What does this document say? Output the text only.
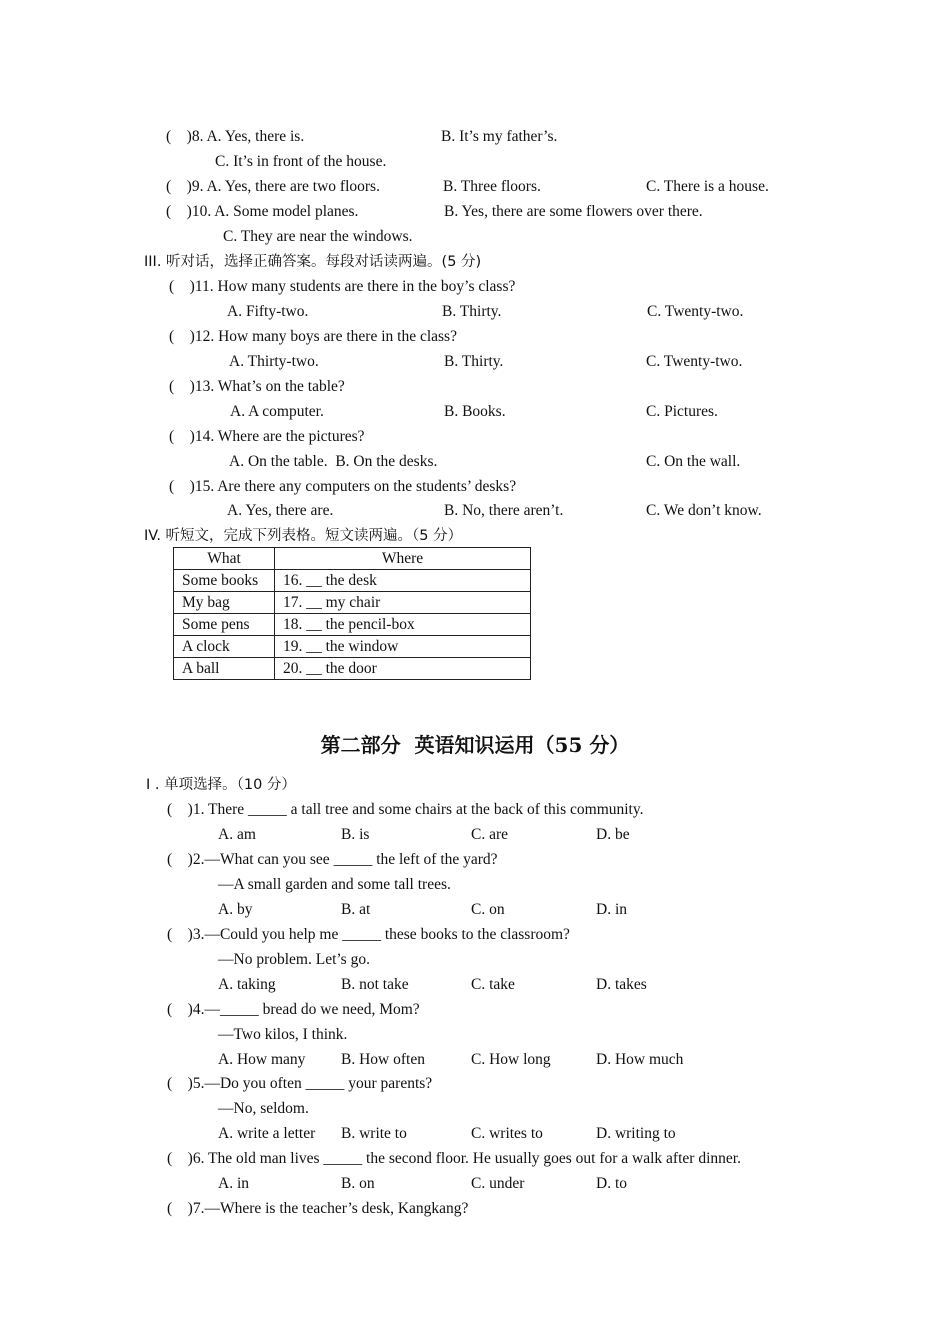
(    )8. A. Yes, there is.	B. It’s my father’s.
C. It’s in front of the house.
(    )9. A. Yes, there are two floors.	B. Three floors.	C. There is a house.
(    )10. A. Some model planes.	B. Yes, there are some flowers over there.
C. They are near the windows.
III. 听对话，选择正确答案。每段对话读两遍。(5 分)
(    )11. How many students are there in the boy’s class?
A. Fifty-two.	B. Thirty.	C. Twenty-two.
(    )12. How many boys are there in the class?
A. Thirty-two.	B. Thirty.	C. Twenty-two.
(    )13. What’s on the table?
A. A computer.	B. Books.	C. Pictures.
(    )14. Where are the pictures?
A. On the table.  B. On the desks.	C. On the wall.
(    )15. Are there any computers on the students’ desks?
A. Yes, there are.	B. No, there aren’t.	C. We don’t know.
IV. 听短文，完成下列表格。短文读两遍。（5 分）
What	Where
Some books	16. __ the desk
My bag	17. __ my chair
Some pens	18. __ the pencil-box
A clock	19. __ the window
A ball	20. __ the door
第二部分  英语知识运用（55 分）
I . 单项选择。（10 分）
(    )1. There _____ a tall tree and some chairs at the back of this community.
A. am	B. is	C. are	D. be
(    )2.—What can you see _____ the left of the yard?
—A small garden and some tall trees.
A. by	B. at	C. on	D. in
(    )3.—Could you help me _____ these books to the classroom?
—No problem. Let’s go.
A. taking	B. not take	C. take	D. takes
(    )4.—_____ bread do we need, Mom?
—Two kilos, I think.
A. How many B. How often	C. How long	D. How much
(    )5.—Do you often _____ your parents?
—No, seldom.
A. write a letter B. write to	C. writes to	D. writing to
(    )6. The old man lives _____ the second floor. He usually goes out for a walk after dinner.
A. in	B. on	C. under	D. to
(    )7.—Where is the teacher’s desk, Kangkang?
